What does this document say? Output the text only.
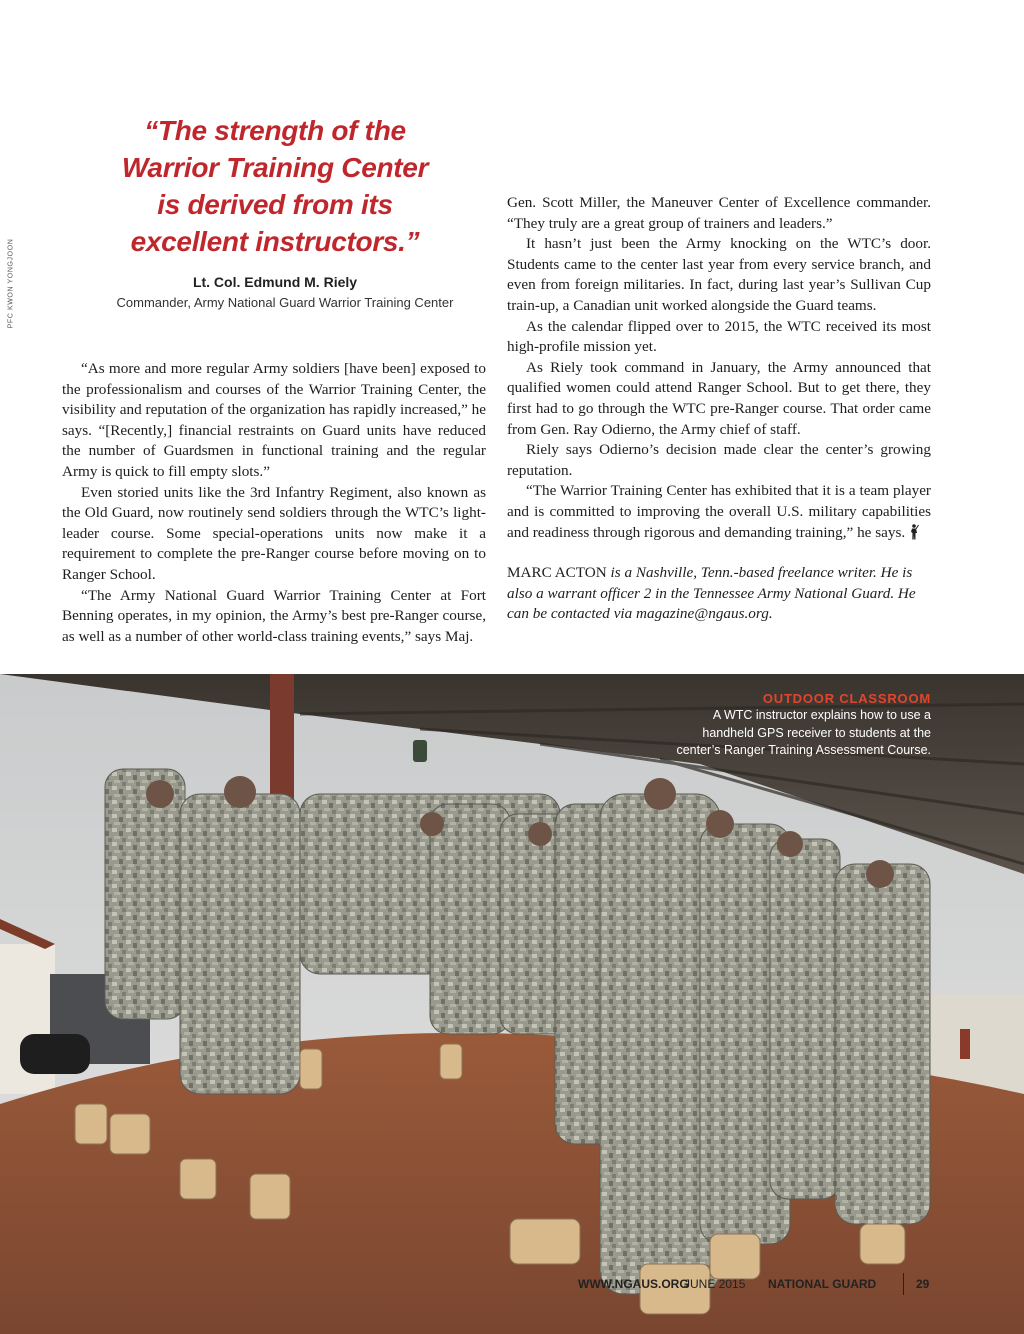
PFC KWON YONGJOON
“The strength of the
Warrior Training Center
is derived from its
excellent instructors.”
Lt. Col. Edmund M. Riely
Commander, Army National Guard Warrior Training Center

“As more and more regular Army soldiers [have been] exposed to the professionalism and courses of the Warrior Training Center, the visibility and reputation of the organization has rapidly increased,” he says. “[Recently,] financial restraints on Guard units have reduced the number of Guardsmen in functional training and the regular Army is quick to fill empty slots.”

Even storied units like the 3rd Infantry Regiment, also known as the Old Guard, now routinely send soldiers through the WTC’s light-leader course. Some special-operations units now make it a requirement to complete the pre-Ranger course before moving on to Ranger School.

“The Army National Guard Warrior Training Center at Fort Benning operates, in my opinion, the Army’s best pre-Ranger course, as well as a number of other world-class training events,” says Maj.

Gen. Scott Miller, the Maneuver Center of Excellence commander. “They truly are a great group of trainers and leaders.”

It hasn’t just been the Army knocking on the WTC’s door. Students came to the center last year from every service branch, and even from foreign militaries. In fact, during last year’s Sullivan Cup train-up, a Canadian unit worked alongside the Guard teams.

As the calendar flipped over to 2015, the WTC received its most high-profile mission yet.

As Riely took command in January, the Army announced that qualified women could attend Ranger School. But to get there, they first had to go through the WTC pre-Ranger course. That order came from Gen. Ray Odierno, the Army chief of staff.

Riely says Odierno’s decision made clear the center’s growing reputation.

“The Warrior Training Center has exhibited that it is a team player and is committed to improving the overall U.S. military capabilities and readiness through rigorous and demanding training,” he says.

MARC ACTON is a Nashville, Tenn.-based freelance writer. He is also a warrant officer 2 in the Tennessee Army National Guard. He can be contacted via magazine@ngaus.org.

OUTDOOR CLASSROOM
A WTC instructor explains how to use a handheld GPS receiver to students at the center’s Ranger Training Assessment Course.
WWW.NGAUS.ORG
JUNE 2015 NATIONAL GUARD	29
